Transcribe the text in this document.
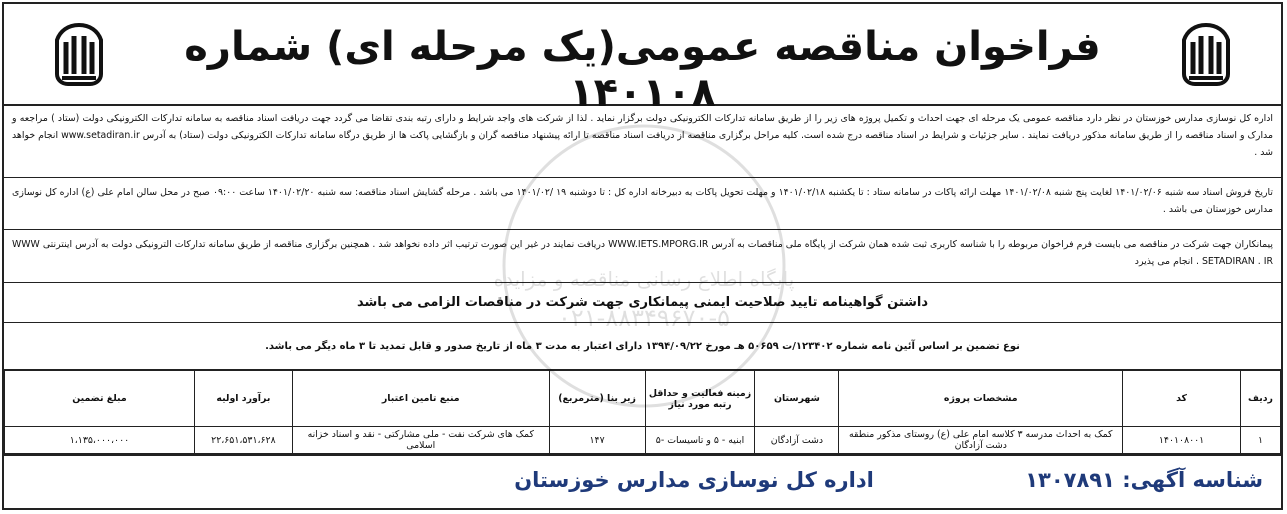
فراخوان مناقصه عمومی(یک مرحله ای) شماره ۱۴۰۱۰۸
اداره کل نوسازی مدارس خوزستان در نظر دارد مناقصه عمومی یک مرحله ای جهت احداث و تکمیل پروژه های زیر را از طریق سامانه تدارکات الکترونیکی دولت برگزار نماید . لذا از شرکت های واجد شرایط و دارای رتبه بندی تقاضا می گردد جهت دریافت اسناد مناقصه به سامانه تدارکات الکترونیکی دولت (ستاد ) مراجعه و مدارک و اسناد مناقصه را از طریق سامانه مذکور دریافت نمایند . سایر جزئیات و شرایط در اسناد مناقصه درج شده است. کلیه مراحل برگزاری مناقصه از دریافت اسناد مناقصه تا ارائه پیشنهاد مناقصه گران و بازگشایی پاکت ها از طریق درگاه سامانه تدارکات الکترونیکی دولت (ستاد) به آدرس www.setadiran.ir انجام خواهد شد .
تاریخ فروش اسناد سه شنبه ۱۴۰۱/۰۲/۰۶ لغایت پنج شنبه ۱۴۰۱/۰۲/۰۸ مهلت ارائه پاکات در سامانه ستاد : تا یکشنبه ۱۴۰۱/۰۲/۱۸ و مهلت تحویل پاکات به دبیرخانه اداره کل : تا دوشنبه ۱۹ /۱۴۰۱/۰۲ می باشد . مرحله گشایش اسناد مناقصه: سه شنبه ۱۴۰۱/۰۲/۲۰ ساعت ۰۹:۰۰ صبح در محل سالن امام علی (ع) اداره کل نوسازی مدارس خوزستان می باشد .
پیمانکاران جهت شرکت در مناقصه می بایست فرم فراخوان مربوطه را با شناسه کاربری ثبت شده همان شرکت از پایگاه ملی مناقصات به آدرس WWW.IETS.MPORG.IR دریافت نمایند در غیر این صورت ترتیب اثر داده نخواهد شد . همچنین برگزاری مناقصه از طریق سامانه تدارکات الترونیکی دولت به آدرس اینترنتی WWW . SETADIRAN . IR انجام می پذیرد
داشتن گواهینامه تایید صلاحیت ایمنی پیمانکاری جهت شرکت در مناقصات الزامی می باشد
نوع تضمین بر اساس آئین نامه شماره ۱۲۳۴۰۲/ت ۵۰۶۵۹ هـ مورخ ۱۳۹۴/۰۹/۲۲ دارای اعتبار به مدت ۳ ماه از تاریخ صدور و قابل تمدید تا ۳ ماه دیگر می باشد.
ردیف	کد	مشخصات پروژه	شهرستان	زمینه فعالیت و حداقل رتبه مورد نیاز	زیر بنا (مترمربع)	منبع تامین اعتبار	برآورد اولیه	مبلغ تضمین
۱	۱۴۰۱۰۸۰۰۱	کمک به احداث مدرسه ۳ کلاسه امام علی (ع) روستای مذکور منطقه دشت آزادگان	دشت آزادگان	ابنیه - ۵ و تاسیسات -۵	۱۴۷	کمک های شرکت نفت - ملی مشارکتی - نقد و اسناد خزانه اسلامی	۲۲،۶۵۱،۵۳۱،۶۲۸	۱،۱۳۵،۰۰۰،۰۰۰
شناسه آگهی: ۱۳۰۷۸۹۱
اداره کل نوسازی مدارس خوزستان
پایگاه اطلاع رسانی مناقصه و مزایده
۰۲۱-۸۸۳۴۹۶۷۰-۵
